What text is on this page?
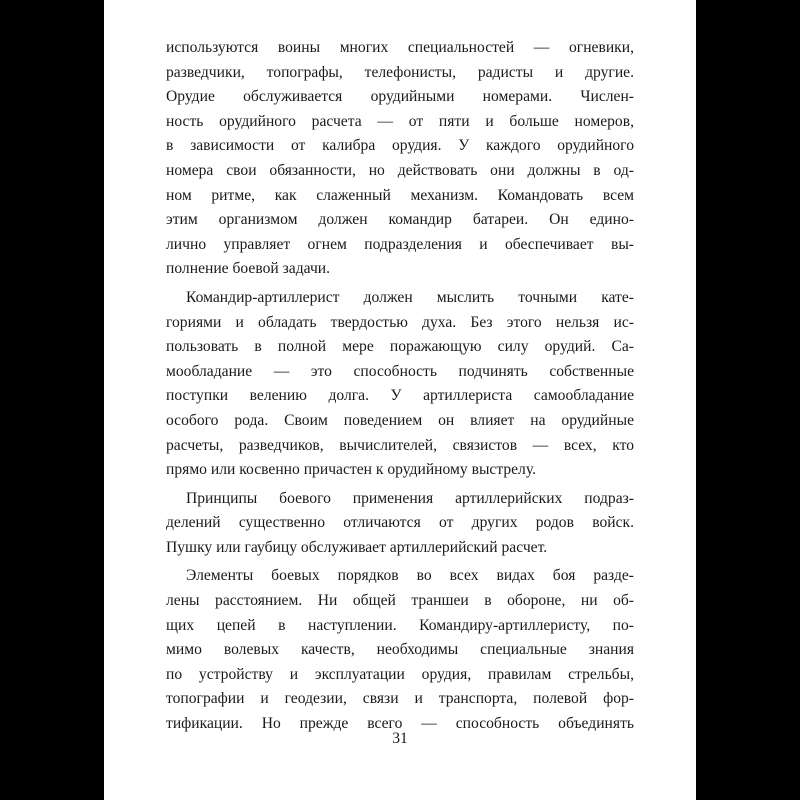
используются воины многих специальностей — огневики,
разведчики, топографы, телефонисты, радисты и другие.
Орудие обслуживается орудийными номерами. Числен-
ность орудийного расчета — от пяти и больше номеров,
в зависимости от калибра орудия. У каждого орудийного
номера свои обязанности, но действовать они должны в од-
ном ритме, как слаженный механизм. Командовать всем
этим организмом должен командир батареи. Он едино-
лично управляет огнем подразделения и обеспечивает вы-
полнение боевой задачи.
Командир-артиллерист должен мыслить точными катe-
гориями и обладать твердостью духа. Без этого нельзя ис-
пользовать в полной мере поражающую силу орудий. Са-
мообладание — это способность подчинять собственные
поступки велению долга. У артиллериста самообладание
особого рода. Своим поведением он влияет на орудийные
расчеты, разведчиков, вычислителей, связистов — всех, кто
прямо или косвенно причастен к орудийному выстрелу.
Принципы боевого применения артиллерийских подраз-
делений существенно отличаются от других родов войск.
Пушку или гаубицу обслуживает артиллерийский расчет.
Элементы боевых порядков во всех видах боя разде-
лены расстоянием. Ни общей траншеи в обороне, ни об-
щих цепей в наступлении. Командиру-артиллеристу, по-
мимо волевых качеств, необходимы специальные знания
по устройству и эксплуатации орудия, правилам стрельбы,
топографии и геодезии, связи и транспорта, полевой фор-
тификации. Но прежде всего — способность объединять
31
